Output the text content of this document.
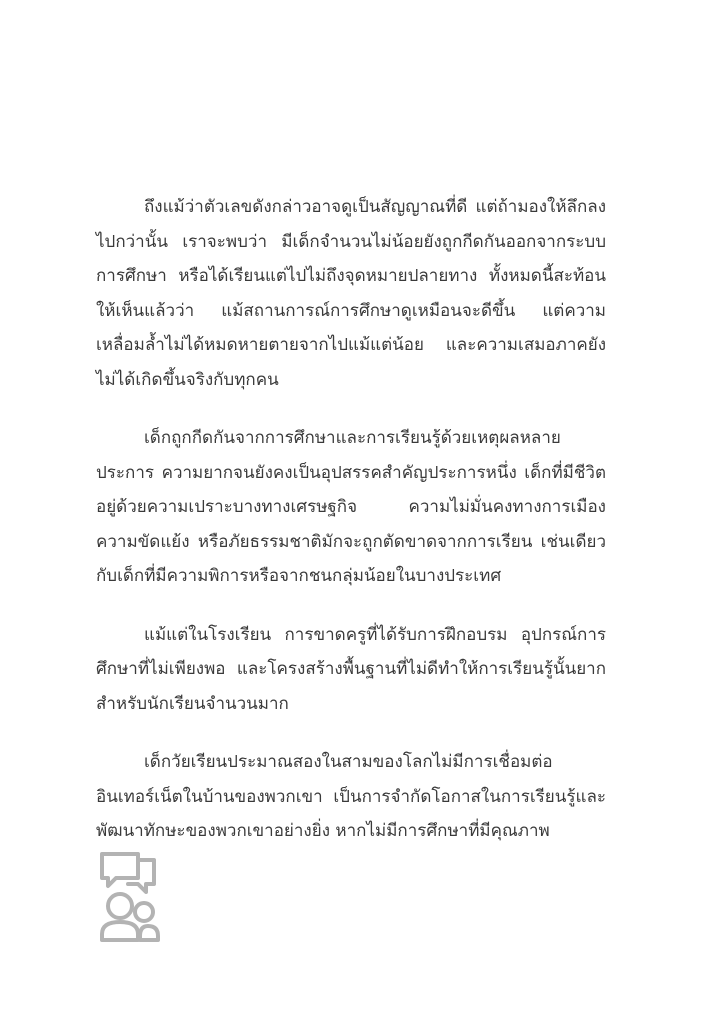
ถึงแม้ว่าตัวเลขดังกล่าวอาจดูเป็นสัญญาณที่ดี แต่ถ้ามองให้ลึกลงไปกว่านั้น เราจะพบว่า มีเด็กจำนวนไม่น้อยยังถูกกีดกันออกจากระบบการศึกษา หรือได้เรียนแต่ไปไม่ถึงจุดหมายปลายทาง ทั้งหมดนี้สะท้อนให้เห็นแล้วว่า แม้สถานการณ์การศึกษาดูเหมือนจะดีขึ้น แต่ความเหลื่อมล้ำไม่ได้หมดหายตายจากไปแม้แต่น้อย และความเสมอภาคยังไม่ได้เกิดขึ้นจริงกับทุกคน

เด็กถูกกีดกันจากการศึกษาและการเรียนรู้ด้วยเหตุผลหลายประการ ความยากจนยังคงเป็นอุปสรรคสำคัญประการหนึ่ง เด็กที่มีชีวิตอยู่ด้วยความเปราะบางทางเศรษฐกิจ ความไม่มั่นคงทางการเมือง ความขัดแย้ง หรือภัยธรรมชาติมักจะถูกตัดขาดจากการเรียน เช่นเดียวกับเด็กที่มีความพิการหรือจากชนกลุ่มน้อยในบางประเทศ

แม้แต่ในโรงเรียน การขาดครูที่ได้รับการฝึกอบรม อุปกรณ์การศึกษาที่ไม่เพียงพอ และโครงสร้างพื้นฐานที่ไม่ดีทำให้การเรียนรู้นั้นยากสำหรับนักเรียนจำนวนมาก

เด็กวัยเรียนประมาณสองในสามของโลกไม่มีการเชื่อมต่ออินเทอร์เน็ตในบ้านของพวกเขา เป็นการจำกัดโอกาสในการเรียนรู้และพัฒนาทักษะของพวกเขาอย่างยิ่ง หากไม่มีการศึกษาที่มีคุณภาพ
